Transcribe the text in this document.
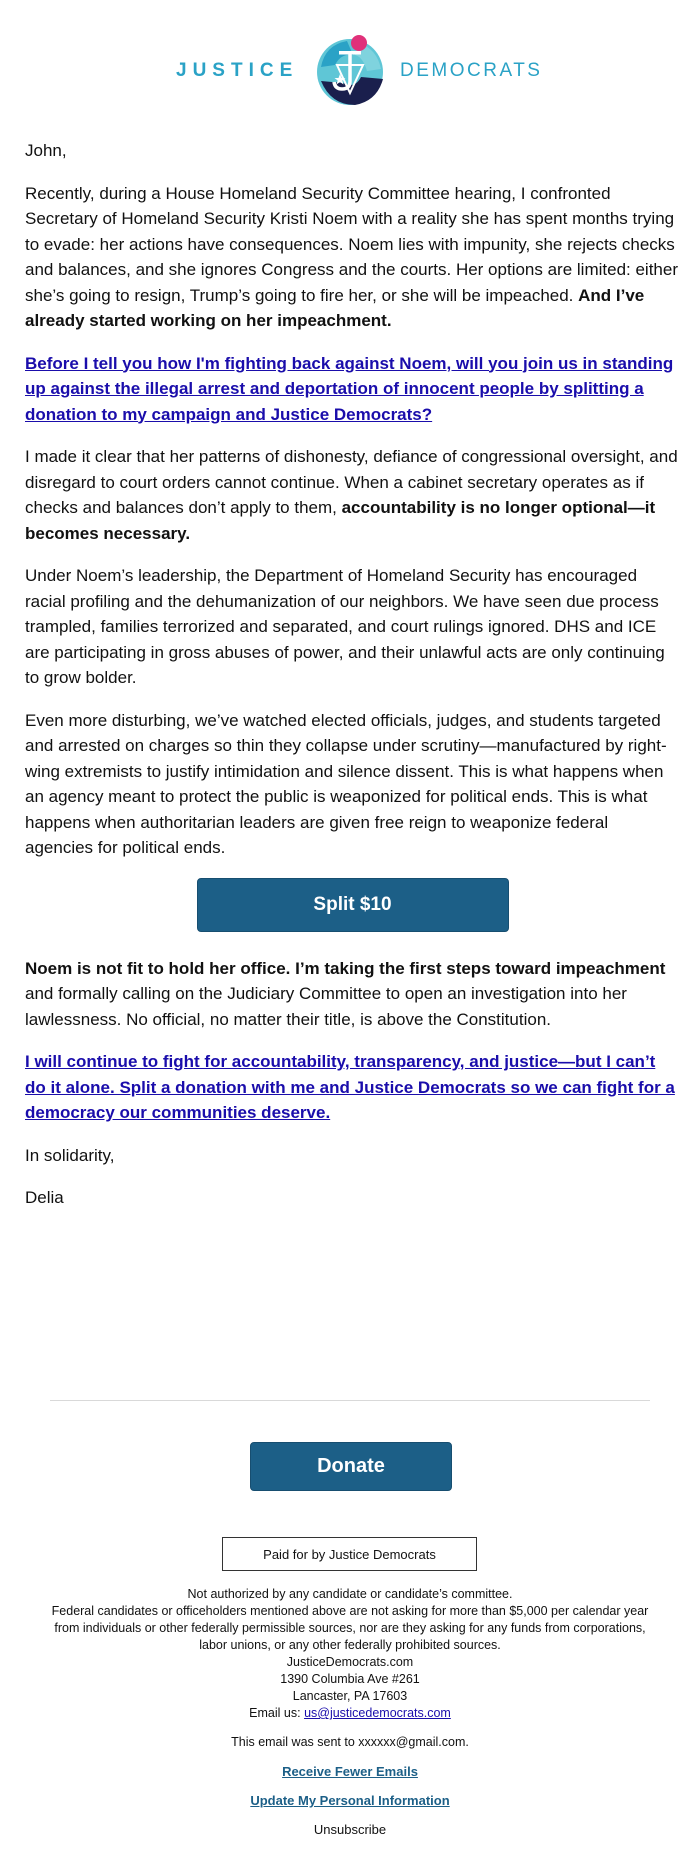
JUSTICE	DEMOCRATS

John,

Recently, during a House Homeland Security Committee hearing, I confronted Secretary of Homeland Security Kristi Noem with a reality she has spent months trying to evade: her actions have consequences. Noem lies with impunity, she rejects checks and balances, and she ignores Congress and the courts. Her options are limited: either she’s going to resign, Trump’s going to fire her, or she will be impeached. And I’ve already started working on her impeachment.

Before I tell you how I'm fighting back against Noem, will you join us in standing up against the illegal arrest and deportation of innocent people by splitting a donation to my campaign and Justice Democrats?

I made it clear that her patterns of dishonesty, defiance of congressional oversight, and disregard to court orders cannot continue. When a cabinet secretary operates as if checks and balances don’t apply to them, accountability is no longer optional—it becomes necessary.

Under Noem’s leadership, the Department of Homeland Security has encouraged racial profiling and the dehumanization of our neighbors. We have seen due process trampled, families terrorized and separated, and court rulings ignored. DHS and ICE are participating in gross abuses of power, and their unlawful acts are only continuing to grow bolder.

Even more disturbing, we’ve watched elected officials, judges, and students targeted and arrested on charges so thin they collapse under scrutiny—manufactured by right-wing extremists to justify intimidation and silence dissent. This is what happens when an agency meant to protect the public is weaponized for political ends. This is what happens when authoritarian leaders are given free reign to weaponize federal agencies for political ends.

Split $10

Noem is not fit to hold her office. I’m taking the first steps toward impeachment and formally calling on the Judiciary Committee to open an investigation into her lawlessness. No official, no matter their title, is above the Constitution.

I will continue to fight for accountability, transparency, and justice—but I can’t do it alone. Split a donation with me and Justice Democrats so we can fight for a democracy our communities deserve.

In solidarity,

Delia

Donate
Paid for by Justice Democrats
Not authorized by any candidate or candidate’s committee.
Federal candidates or officeholders mentioned above are not asking for more than $5,000 per calendar year from individuals or other federally permissible sources, nor are they asking for any funds from corporations, labor unions, or any other federally prohibited sources.
JusticeDemocrats.com
1390 Columbia Ave #261
Lancaster, PA 17603
Email us: us@justicedemocrats.com
This email was sent to xxxxxx@gmail.com.
Receive Fewer Emails
Update My Personal Information
Unsubscribe
